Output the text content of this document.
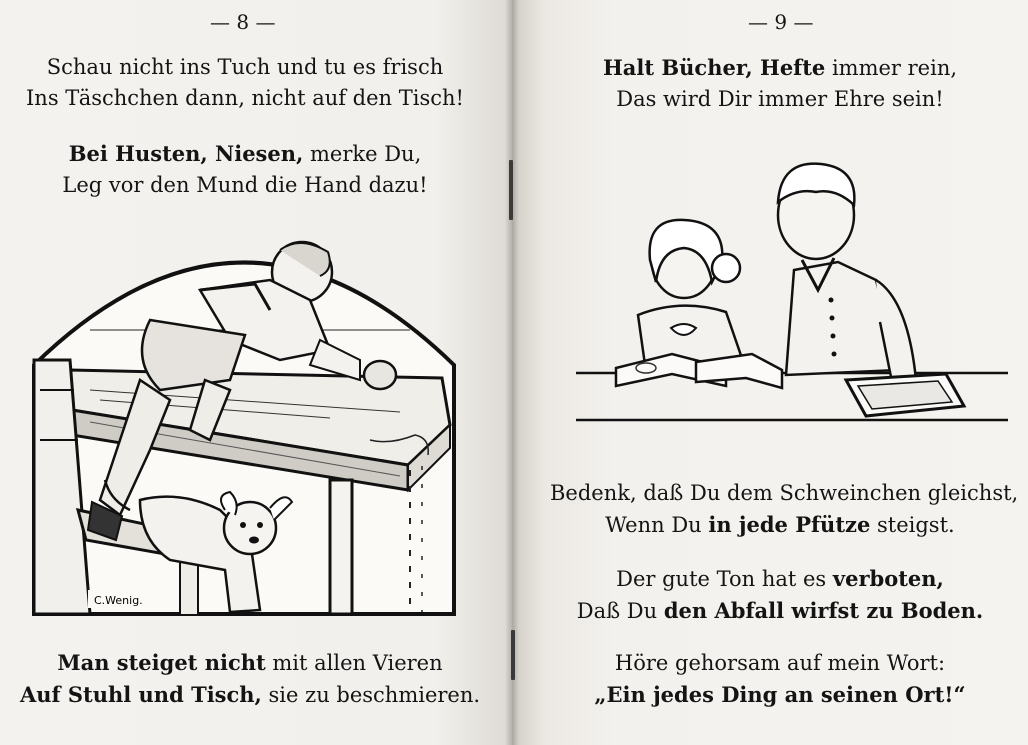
— 8 —
Schau nicht ins Tuch und tu es frisch
Ins Täschchen dann, nicht auf den Tisch!
Bei Husten, Niesen, merke Du,
Leg vor den Mund die Hand dazu!
C.Wenig.
Man steiget nicht mit allen Vieren
Auf Stuhl und Tisch, sie zu beschmieren.
— 9 —
Halt Bücher, Hefte immer rein,
Das wird Dir immer Ehre sein!
Bedenk, daß Du dem Schweinchen gleichst,
Wenn Du in jede Pfütze steigst.
Der gute Ton hat es verboten,
Daß Du den Abfall wirfst zu Boden.
Höre gehorsam auf mein Wort:
„Ein jedes Ding an seinen Ort!“
